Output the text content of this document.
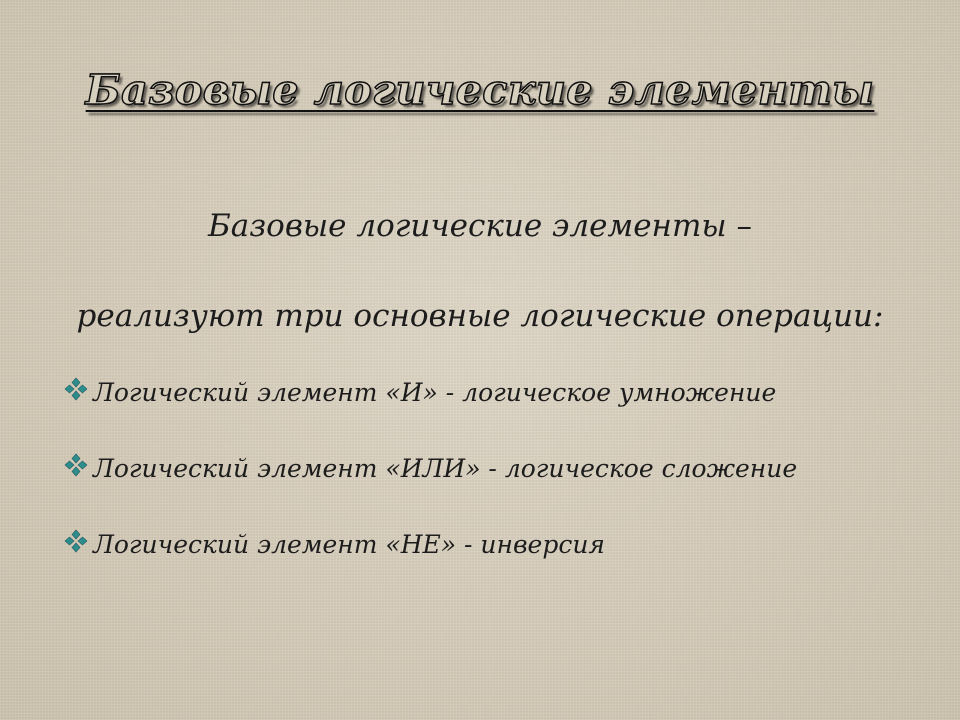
Базовые логические элементы

Базовые логические элементы –

реализуют три основные логические операции:

Логический элемент «И» - логическое умножение
Логический элемент «ИЛИ» - логическое сложение
Логический элемент «НЕ» - инверсия
